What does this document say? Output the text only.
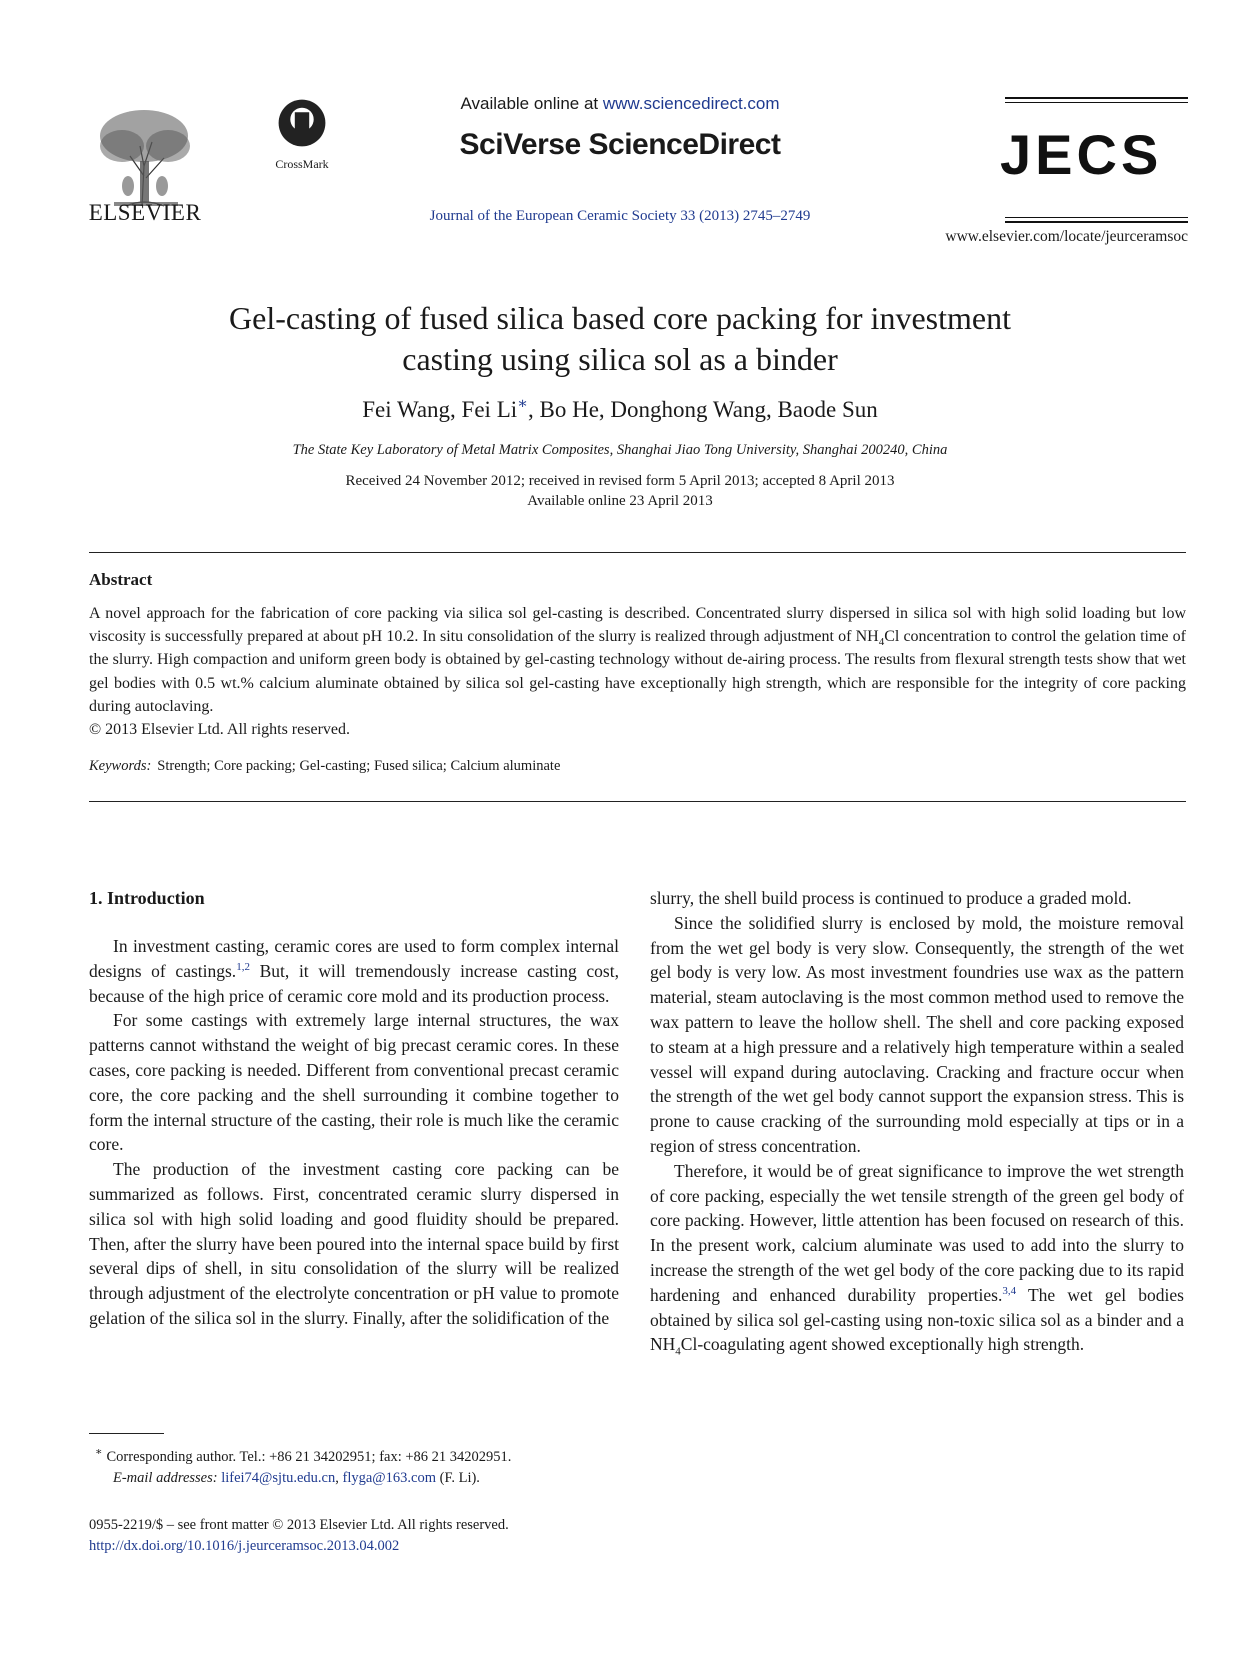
ELSEVIER
CrossMark
Available online at www.sciencedirect.com
SciVerse ScienceDirect
Journal of the European Ceramic Society 33 (2013) 2745–2749
JECS
www.elsevier.com/locate/jeurceramsoc
Gel-casting of fused silica based core packing for investment
casting using silica sol as a binder
Fei Wang, Fei Li∗, Bo He, Donghong Wang, Baode Sun
The State Key Laboratory of Metal Matrix Composites, Shanghai Jiao Tong University, Shanghai 200240, China
Received 24 November 2012; received in revised form 5 April 2013; accepted 8 April 2013
Available online 23 April 2013
Abstract
A novel approach for the fabrication of core packing via silica sol gel-casting is described. Concentrated slurry dispersed in silica sol with high solid loading but low viscosity is successfully prepared at about pH 10.2. In situ consolidation of the slurry is realized through adjustment of $NH_4Cl$ concentration to control the gelation time of the slurry. High compaction and uniform green body is obtained by gel-casting technology without de-airing process. The results from flexural strength tests show that wet gel bodies with 0.5 wt.% calcium aluminate obtained by silica sol gel-casting have exceptionally high strength, which are responsible for the integrity of core packing during autoclaving.
© 2013 Elsevier Ltd. All rights reserved.
Keywords: Strength; Core packing; Gel-casting; Fused silica; Calcium aluminate
1. Introduction

In investment casting, ceramic cores are used to form complex internal designs of castings.$^{1,2}$ But, it will tremendously increase casting cost, because of the high price of ceramic core mold and its production process.

For some castings with extremely large internal structures, the wax patterns cannot withstand the weight of big precast ceramic cores. In these cases, core packing is needed. Different from conventional precast ceramic core, the core packing and the shell surrounding it combine together to form the internal structure of the casting, their role is much like the ceramic core.

The production of the investment casting core packing can be summarized as follows. First, concentrated ceramic slurry dispersed in silica sol with high solid loading and good fluidity should be prepared. Then, after the slurry have been poured into the internal space build by first several dips of shell, in situ consolidation of the slurry will be realized through adjustment of the electrolyte concentration or pH value to promote gelation of the silica sol in the slurry. Finally, after the solidification of the

slurry, the shell build process is continued to produce a graded mold.

Since the solidified slurry is enclosed by mold, the moisture removal from the wet gel body is very slow. Consequently, the strength of the wet gel body is very low. As most investment foundries use wax as the pattern material, steam autoclaving is the most common method used to remove the wax pattern to leave the hollow shell. The shell and core packing exposed to steam at a high pressure and a relatively high temperature within a sealed vessel will expand during autoclaving. Cracking and fracture occur when the strength of the wet gel body cannot support the expansion stress. This is prone to cause cracking of the surrounding mold especially at tips or in a region of stress concentration.

Therefore, it would be of great significance to improve the wet strength of core packing, especially the wet tensile strength of the green gel body of core packing. However, little attention has been focused on research of this. In the present work, calcium aluminate was used to add into the slurry to increase the strength of the wet gel body of the core packing due to its rapid hardening and enhanced durability properties.$^{3,4}$ The wet gel bodies obtained by silica sol gel-casting using non-toxic silica sol as a binder and a $NH_4Cl$-coagulating agent showed exceptionally high strength.

∗ Corresponding author. Tel.: +86 21 34202951; fax: +86 21 34202951.
E-mail addresses: lifei74@sjtu.edu.cn, flyga@163.com (F. Li).
0955-2219/$ – see front matter © 2013 Elsevier Ltd. All rights reserved.
http://dx.doi.org/10.1016/j.jeurceramsoc.2013.04.002
